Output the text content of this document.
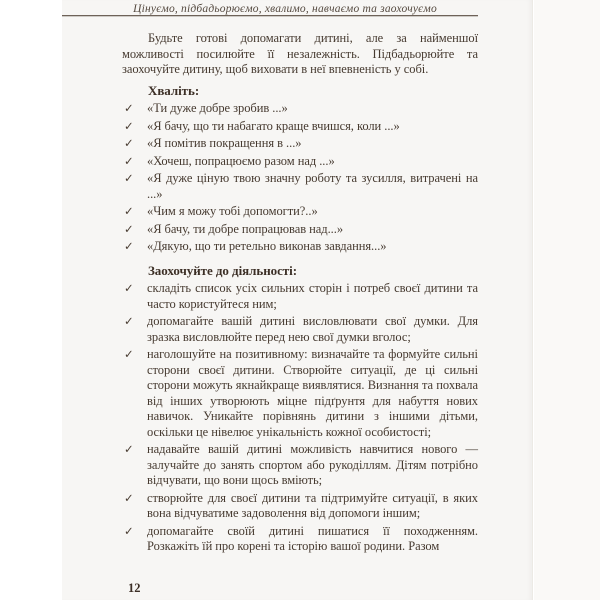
Цінуємо, підбадьорюємо, хвалимо, навчаємо та заохочуємо

Будьте готові допомагати дитині, але за найменшої можливості посилюйте її незалежність. Підбадьорюйте та заохочуйте дитину, щоб виховати в неї впевненість у собі.

Хваліть:
✓ «Ти дуже добре зробив ...»
✓ «Я бачу, що ти набагато краще вчишся, коли ...»
✓ «Я помітив покращення в ...»
✓ «Хочеш, попрацюємо разом над ...»
✓ «Я дуже ціную твою значну роботу та зусилля, витрачені на ...»
✓ «Чим я можу тобі допомогти?..»
✓ «Я бачу, ти добре попрацював над...»
✓ «Дякую, що ти ретельно виконав завдання...»
Заохочуйте до діяльності:
✓ складіть список усіх сильних сторін і потреб своєї дитини та часто користуйтеся ним;
✓ допомагайте вашій дитині висловлювати свої думки. Для зразка висловлюйте перед нею свої думки вголос;
✓ наголошуйте на позитивному: визначайте та формуйте сильні сторони своєї дитини. Створюйте ситуації, де ці сильні сторони можуть якнайкраще виявлятися. Визнання та похвала від інших утворюють міцне підґрунтя для набуття нових навичок. Уникайте порівнянь дитини з іншими дітьми, оскільки це нівелює унікальність кожної особистості;
✓ надавайте вашій дитині можливість навчитися нового — залучайте до занять спортом або рукоділлям. Дітям потрібно відчувати, що вони щось вміють;
✓ створюйте для своєї дитини та підтримуйте ситуації, в яких вона відчуватиме задоволення від допомоги іншим;
✓ допомагайте своїй дитині пишатися її походженням. Розкажіть їй про корені та історію вашої родини. Разом
12
